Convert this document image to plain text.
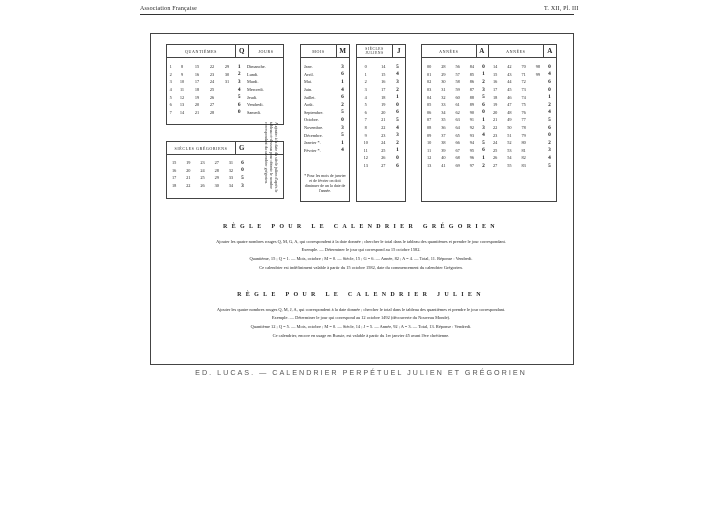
Association Française	T. XII, Pl. III
QUANTIÈMES	Q	JOURS
1	8	15	22	29	1	Dimanche.
2	9	16	23	30	2	Lundi.
3	10	17	24	31	3	Mardi.
4	11	18	25		4	Mercredi.
5	12	19	26		5	Jeudi.
6	13	20	27		6	Vendredi.
7	14	21	28		0	Samedi.
SIÈCLES GRÉGORIENS	G
15	19	23	27	31	6
16	20	24	28	32	0
17	21	25	29	33	5
18	22	26	30	34	3	A ajouter à la date du siècle julien d'après le tableau ci-dessous pour obtenir le nombre correspondant du calendrier grégorien.
MOIS	M
Janv.	3
Avril.	6
Mai.	1
Juin.	4
Juillet.	6
Août.	2
Septembre.	5
Octobre.	0
Novembre.	3
Décembre.	5
Janvier *.	1
Février *.	4
* Pour les mois de janvier et de février on doit diminuer de un la date de l'année.
SIÈCLES JULIENS	J
0	14	5
1	15	4
2	16	3
3	17	2
4	18	1
5	19	0
6	20	6
7	21	5
8	22	4
9	23	3
10	24	2
11	25	1
12	26	0
13	27	6
ANNÉES	A	ANNÉES	A
00	28	56	84	0	14	42	70	98	0
01	29	57	85	1	15	43	71	99	4
02	30	58	86	2	16	44	72		6
03	31	59	87	3	17	45	73		0
04	32	60	88	5	18	46	74		1
05	33	61	89	6	19	47	75		2
06	34	62	90	0	20	48	76		4
07	35	63	91	1	21	49	77		5
08	36	64	92	3	22	50	78		6
09	37	65	93	4	23	51	79		0
10	38	66	94	5	24	52	80		2
11	39	67	95	6	25	53	81		3
12	40	68	96	1	26	54	82		4
13	41	69	97	2	27	55	83		5
RÈGLE POUR LE CALENDRIER GRÉGORIEN
Ajouter les quatre nombres rouges Q, M, G, A, qui correspondent à la date donnée ; chercher le total dans le tableau des quantièmes et prendre le jour correspondant.
Exemple. — Déterminer le jour qui correspond au 15 octobre 1582.
Quantième, 15 ; Q = 1. — Mois, octobre ; M = 0. — Siècle, 15 ; G = 6. — Année, 82 ; A = 4. — Total, 11. Réponse : Vendredi.
Ce calendrier est indéfiniment valable à partir du 15 octobre 1582, date du commencement du calendrier Grégorien.
RÈGLE POUR LE CALENDRIER JULIEN
Ajouter les quatre nombres rouges Q, M, J, A, qui correspondent à la date donnée ; chercher le total dans le tableau des quantièmes et prendre le jour correspondant.
Exemple. — Déterminer le jour qui correspond au 12 octobre 1492 (découverte du Nouveau Monde).
Quantième 12 ; Q = 5. — Mois, octobre ; M = 0. — Siècle, 14 ; J = 5. — Année, 92 ; A = 3. — Total, 13. Réponse : Vendredi.
Ce calendrier, encore en usage en Russie, est valable à partir du 1er janvier 45 avant l'ère chrétienne.
ED. LUCAS. — CALENDRIER PERPÉTUEL JULIEN ET GRÉGORIEN
